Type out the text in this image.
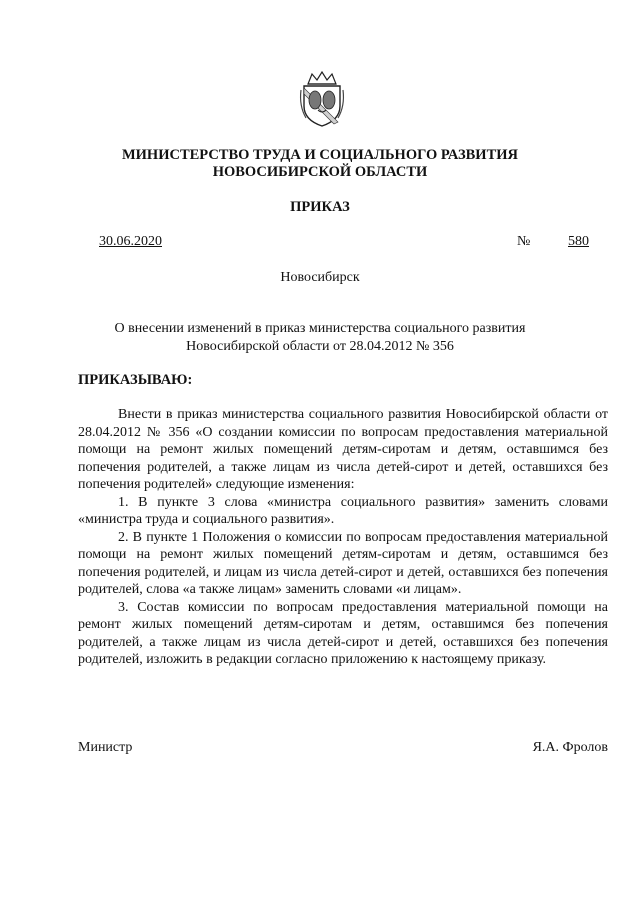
МИНИСТЕРСТВО ТРУДА И СОЦИАЛЬНОГО РАЗВИТИЯ
НОВОСИБИРСКОЙ ОБЛАСТИ
ПРИКАЗ
30.06.2020	№	580
Новосибирск
О внесении изменений в приказ министерства социального развития
Новосибирской области от 28.04.2012 № 356
ПРИКАЗЫВАЮ:

Внести в приказ министерства социального развития Новосибирской области от 28.04.2012 № 356 «О создании комиссии по вопросам предоставления материальной помощи на ремонт жилых помещений детям-сиротам и детям, оставшимся без попечения родителей, а также лицам из числа детей-сирот и детей, оставшихся без попечения родителей» следующие изменения:

1. В пункте 3 слова «министра социального развития» заменить словами «министра труда и социального развития».

2. В пункте 1 Положения о комиссии по вопросам предоставления материальной помощи на ремонт жилых помещений детям-сиротам и детям, оставшимся без попечения родителей, и лицам из числа детей-сирот и детей, оставшихся без попечения родителей, слова «а также лицам» заменить словами «и лицам».

3. Состав комиссии по вопросам предоставления материальной помощи на ремонт жилых помещений детям-сиротам и детям, оставшимся без попечения родителей, а также лицам из числа детей-сирот и детей, оставшихся без попечения родителей, изложить в редакции согласно приложению к настоящему приказу.

Министр	Я.А. Фролов
